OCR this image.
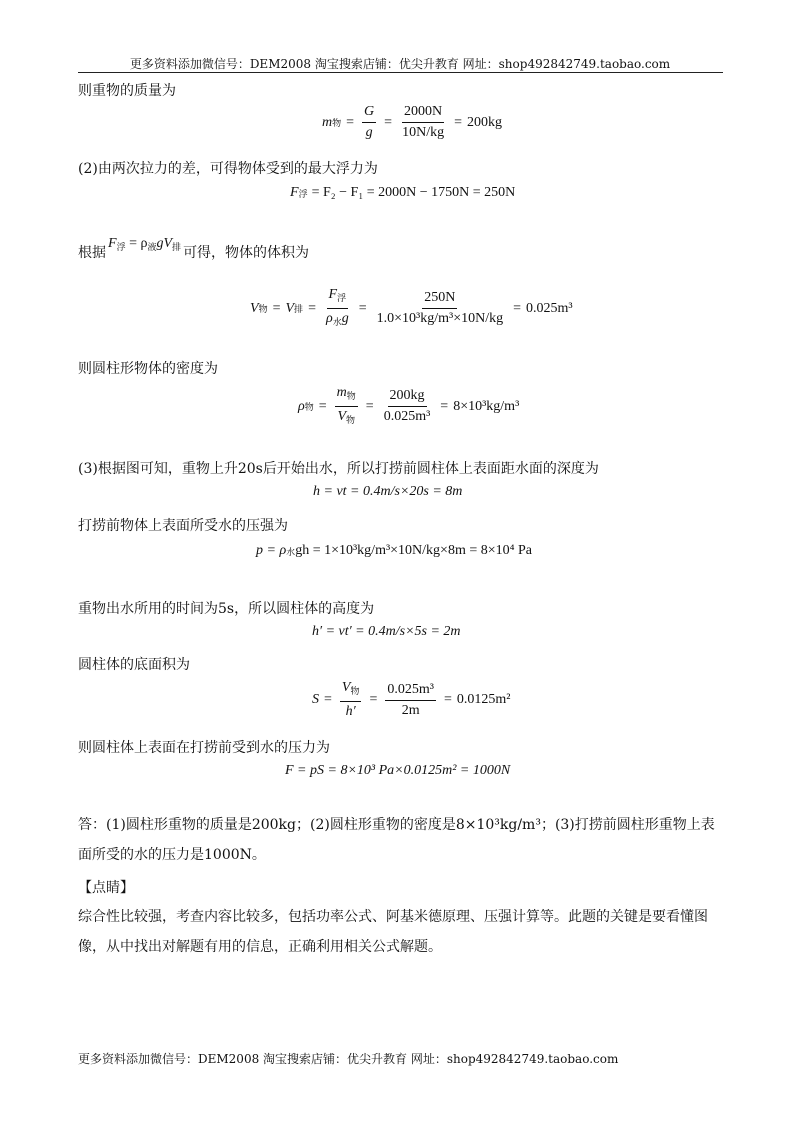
更多资料添加微信号：DEM2008 淘宝搜索店铺：优尖升教育 网址：shop492842749.taobao.com
则重物的质量为
m 物 = $\frac{G}{g} = \frac{2000N}{10N/kg} = 200kg$
(2)由两次拉力的差，可得物体受到的最大浮力为
F 浮 = F₂ − F₁ = 2000N − 1750N = 250N
根据
$F_浮 = \rho_液gV_排$ 可得，物体的体积为
V 物 = V 排 = $\frac{F_浮}{\rho_水g} = \frac{250N}{\text{1.0×10³kg/m³×10N/kg}} = 0.025m^3$
则圆柱形物体的密度为
ρ 物 = $\frac{m_物}{V_物} = \frac{200kg}{\text{0.025m³}} = 8\times 10^3kg/m^3$
(3)根据图可知，重物上升20s后开始出水，所以打捞前圆柱体上表面距水面的深度为
h = vt = 0.4m/s×20s = 8m
打捞前物体上表面所受水的压强为
p = ρ 水 gh = 1×10³kg/m³×10N/kg×8m = 8×10⁴ Pa
重物出水所用的时间为5s，所以圆柱体的高度为
h′ = vt′ = 0.4m/s×5s = 2m
圆柱体的底面积为
$S = \frac{V_物}{h'} = \frac{\text{0.025m³}}{2m} = 0.0125m^2$
则圆柱体上表面在打捞前受到水的压力为
F = pS = 8×10³ Pa×0.0125m² = 1000N
答：(1)圆柱形重物的质量是200kg；(2)圆柱形重物的密度是8×10³kg/m³；(3)打捞前圆柱形重物上表面所受的水的压力是1000N。
【点睛】
综合性比较强，考查内容比较多，包括功率公式、阿基米德原理、压强计算等。此题的关键是要看懂图像，从中找出对解题有用的信息，正确利用相关公式解题。
更多资料添加微信号：DEM2008 淘宝搜索店铺：优尖升教育 网址：shop492842749.taobao.com
